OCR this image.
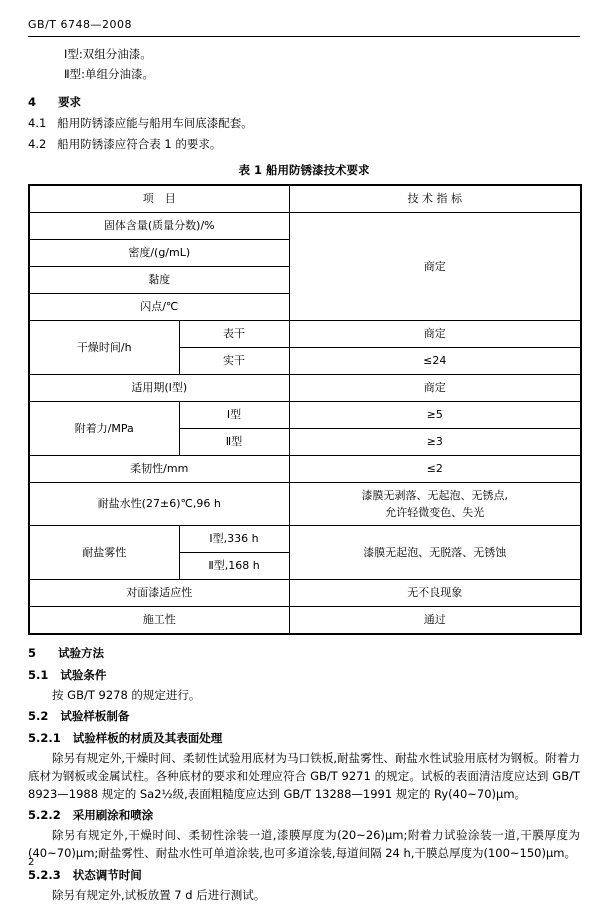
GB/T 6748—2008
Ⅰ型:双组分油漆。
Ⅱ型:单组分油漆。
4 要求
4.1 船用防锈漆应能与船用车间底漆配套。
4.2 船用防锈漆应符合表 1 的要求。
表 1 船用防锈漆技术要求
项　目		技 术 指 标
固体含量(质量分数)/%		商定
密度/(g/mL)		
黏度		
闪点/℃		
干燥时间/h	表干	商定
	实干	≤24
适用期(Ⅰ型)		商定
附着力/MPa	Ⅰ型	≥5
	Ⅱ型	≥3
柔韧性/mm		≤2
耐盐水性(27±6)℃,96 h		漆膜无剥落、无起泡、无锈点,
允许轻微变色、失光

耐盐雾性	Ⅰ型,336 h	漆膜无起泡、无脱落、无锈蚀
	Ⅱ型,168 h	
对面漆适应性		无不良现象
施工性		通过
5 试验方法
5.1 试验条件
按 GB/T 9278 的规定进行。
5.2 试验样板制备
5.2.1 试验样板的材质及其表面处理
除另有规定外,干燥时间、柔韧性试验用底材为马口铁板,耐盐雾性、耐盐水性试验用底材为钢板。附着力底材为钢板或金属试柱。各种底材的要求和处理应符合 GB/T 9271 的规定。试板的表面清洁度应达到 GB/T 8923—1988 规定的 Sa2½级,表面粗糙度应达到 GB/T 13288—1991 规定的 Ry(40~70)μm。
5.2.2 采用刷涂和喷涂
除另有规定外,干燥时间、柔韧性涂装一道,漆膜厚度为(20~26)μm;附着力试验涂装一道,干膜厚度为(40~70)μm;耐盐雾性、耐盐水性可单道涂装,也可多道涂装,每道间隔 24 h,干膜总厚度为(100~150)μm。
5.2.3 状态调节时间
除另有规定外,试板放置 7 d 后进行测试。
2
